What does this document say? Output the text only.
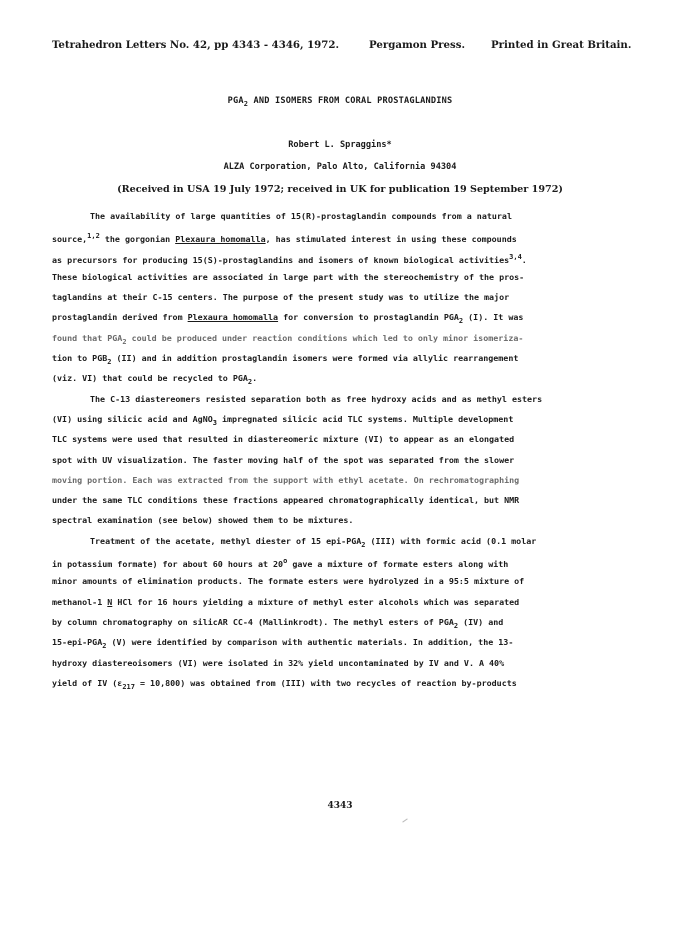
Tetrahedron Letters No. 42, pp 4343 - 4346, 1972.	Pergamon Press.	Printed in Great Britain.
$PGA_2$ AND ISOMERS FROM CORAL PROSTAGLANDINS
Robert L. Spraggins*
ALZA Corporation, Palo Alto, California 94304
(Received in USA 19 July 1972; received in UK for publication 19 September 1972)
The availability of large quantities of 15(R)-prostaglandin compounds from a natural
source,$^{1,2}$ the gorgonian Plexaura homomalla, has stimulated interest in using these compounds
as precursors for producing 15(S)-prostaglandins and isomers of known biological activities$^{3,4}$.
These biological activities are associated in large part with the stereochemistry of the pros-
taglandins at their C-15 centers. The purpose of the present study was to utilize the major
prostaglandin derived from Plexaura homomalla for conversion to prostaglandin $PGA_2$ (I). It was
found that $PGA_2$ could be produced under reaction conditions which led to only minor isomeriza-
tion to $PGB_2$ (II) and in addition prostaglandin isomers were formed via allylic rearrangement
(viz. VI) that could be recycled to $PGA_2$.
The C-13 diastereomers resisted separation both as free hydroxy acids and as methyl esters
(VI) using silicic acid and AgNO$_3$ impregnated silicic acid TLC systems. Multiple development
TLC systems were used that resulted in diastereomeric mixture (VI) to appear as an elongated
spot with UV visualization. The faster moving half of the spot was separated from the slower
moving portion. Each was extracted from the support with ethyl acetate. On rechromatographing
under the same TLC conditions these fractions appeared chromatographically identical, but NMR
spectral examination (see below) showed them to be mixtures.
Treatment of the acetate, methyl diester of 15 epi-$PGA_2$ (III) with formic acid (0.1 molar
in potassium formate) for about 60 hours at 20$^o$ gave a mixture of formate esters along with
minor amounts of elimination products. The formate esters were hydrolyzed in a 95:5 mixture of
methanol-1 N HCl for 16 hours yielding a mixture of methyl ester alcohols which was separated
by column chromatography on silicAR CC-4 (Mallinkrodt). The methyl esters of $PGA_2$ (IV) and
$15-epi-PGA_2$ (V) were identified by comparison with authentic materials. In addition, the 13-
hydroxy diastereoisomers (VI) were isolated in 32% yield uncontaminated by IV and V. A 40%
yield of IV $(\varepsilon_{217} = 10,800)$ was obtained from (III) with two recycles of reaction by-products
4343
